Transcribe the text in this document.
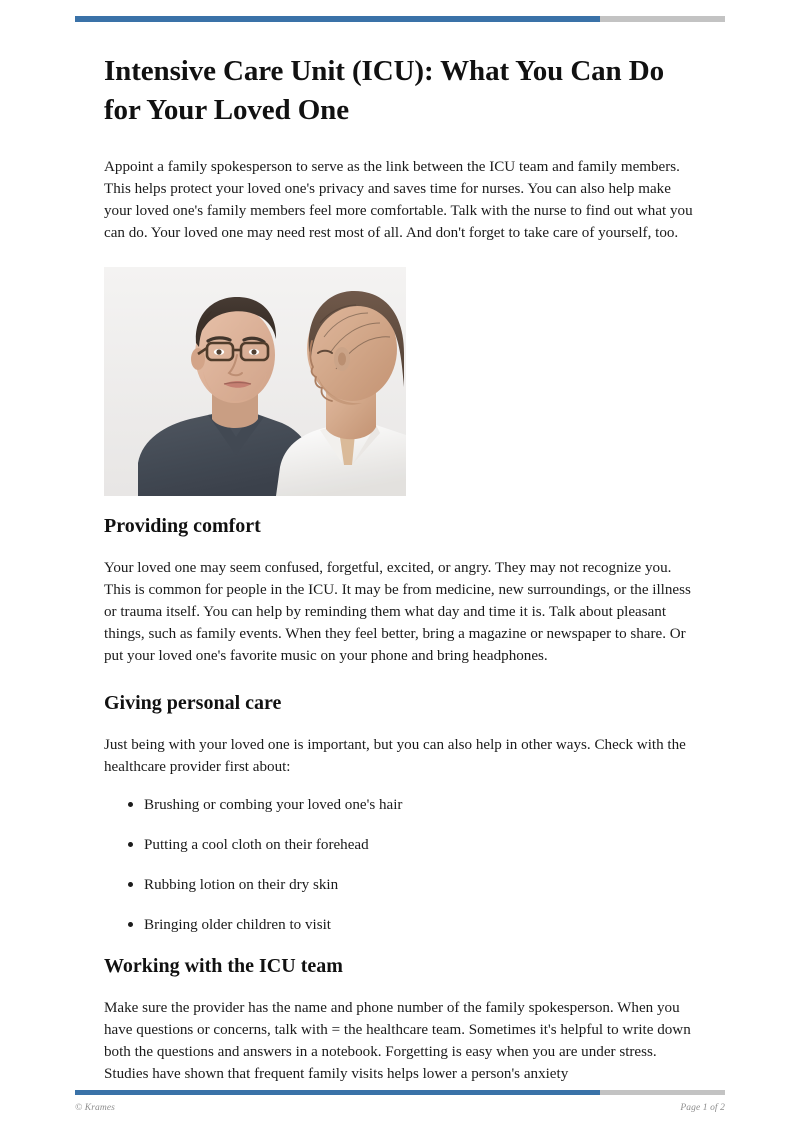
Intensive Care Unit (ICU): What You Can Do for Your Loved One

Appoint a family spokesperson to serve as the link between the ICU team and family members. This helps protect your loved one's privacy and saves time for nurses. You can also help make your loved one's family members feel more comfortable. Talk with the nurse to find out what you can do. Your loved one may need rest most of all. And don't forget to take care of yourself, too.

Providing comfort

Your loved one may seem confused, forgetful, excited, or angry. They may not recognize you. This is common for people in the ICU. It may be from medicine, new surroundings, or the illness or trauma itself. You can help by reminding them what day and time it is. Talk about pleasant things, such as family events. When they feel better, bring a magazine or newspaper to share. Or put your loved one's favorite music on your phone and bring headphones.

Giving personal care

Just being with your loved one is important, but you can also help in other ways. Check with the healthcare provider first about:

Brushing or combing your loved one's hair
Putting a cool cloth on their forehead
Rubbing lotion on their dry skin
Bringing older children to visit
Working with the ICU team

Make sure the provider has the name and phone number of the family spokesperson. When you have questions or concerns, talk with = the healthcare team. Sometimes it's helpful to write down both the questions and answers in a notebook. Forgetting is easy when you are under stress. Studies have shown that frequent family visits helps lower a person's anxiety

© Krames	Page 1 of 2
